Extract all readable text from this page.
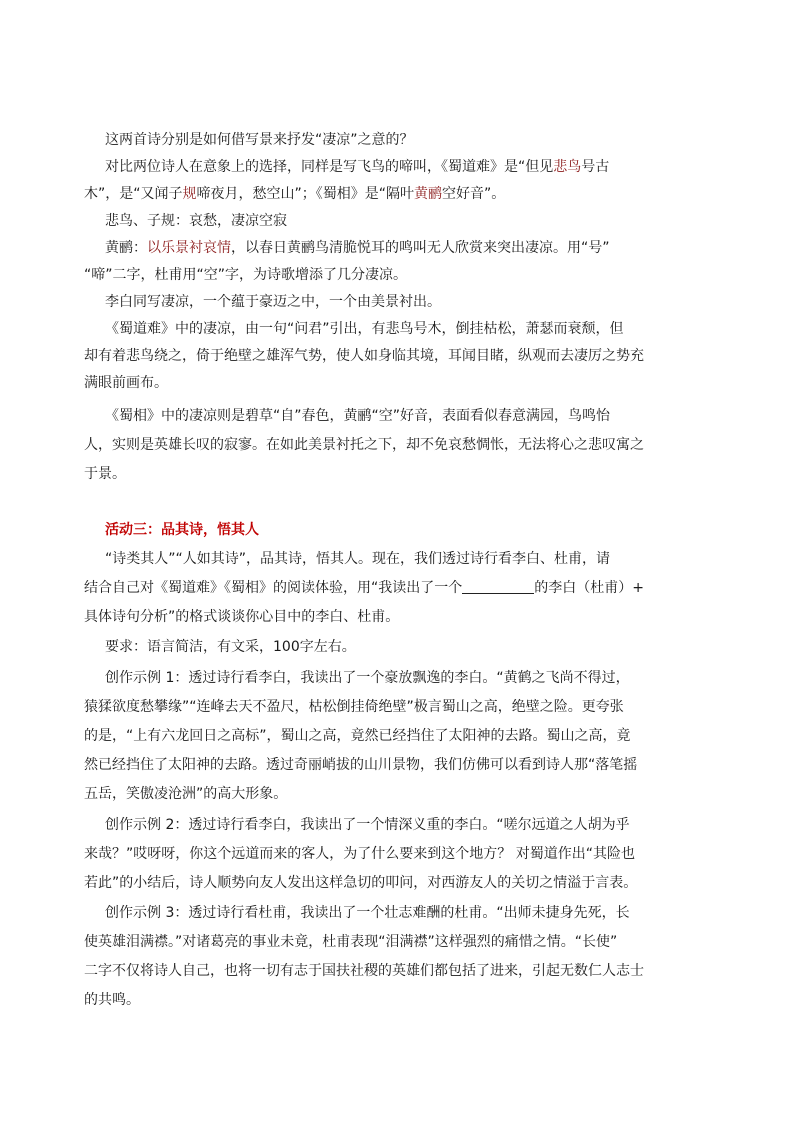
这两首诗分别是如何借写景来抒发“凄凉”之意的？

对比两位诗人在意象上的选择，同样是写飞鸟的啼叫，《蜀道难》是“但见悲鸟号古

木”，是“又闻子规啼夜月，愁空山”；《蜀相》是“隔叶黄鹂空好音”。

悲鸟、子规：哀愁，凄凉空寂

黄鹂：以乐景衬哀情，以春日黄鹂鸟清脆悦耳的鸣叫无人欣赏来突出凄凉。用“号”

“啼”二字，杜甫用“空”字，为诗歌增添了几分凄凉。

李白同写凄凉，一个蕴于豪迈之中，一个由美景衬出。

《蜀道难》中的凄凉，由一句“问君”引出，有悲鸟号木，倒挂枯松，萧瑟而衰颓，但

却有着悲鸟绕之，倚于绝壁之雄浑气势，使人如身临其境，耳闻目睹，纵观而去凄厉之势充

满眼前画布。

《蜀相》中的凄凉则是碧草“自”春色，黄鹂“空”好音，表面看似春意满园，鸟鸣怡

人，实则是英雄长叹的寂寥。在如此美景衬托之下，却不免哀愁惆怅，无法将心之悲叹寓之

于景。

活动三：品其诗，悟其人

“诗类其人”“人如其诗”，品其诗，悟其人。现在，我们透过诗行看李白、杜甫，请

结合自己对《蜀道难》《蜀相》的阅读体验，用“我读出了一个	的李白（杜甫）+

具体诗句分析”的格式谈谈你心目中的李白、杜甫。

要求：语言简洁，有文采，100字左右。

创作示例 1：透过诗行看李白，我读出了一个豪放飘逸的李白。“黄鹤之飞尚不得过，

猿猱欲度愁攀缘”“连峰去天不盈尺，枯松倒挂倚绝壁”极言蜀山之高，绝壁之险。更夸张

的是，“上有六龙回日之高标”，蜀山之高，竟然已经挡住了太阳神的去路。蜀山之高，竟

然已经挡住了太阳神的去路。透过奇丽峭拔的山川景物，我们仿佛可以看到诗人那“落笔摇

五岳，笑傲凌沧洲”的高大形象。

创作示例 2：透过诗行看李白，我读出了一个情深义重的李白。“嗟尔远道之人胡为乎

来哉？”哎呀呀，你这个远道而来的客人，为了什么要来到这个地方？ 对蜀道作出“其险也

若此”的小结后，诗人顺势向友人发出这样急切的叩问，对西游友人的关切之情溢于言表。

创作示例 3：透过诗行看杜甫，我读出了一个壮志难酬的杜甫。“出师未捷身先死，长

使英雄泪满襟。”对诸葛亮的事业未竟，杜甫表现“泪满襟”这样强烈的痛惜之情。“长使”

二字不仅将诗人自己，也将一切有志于国扶社稷的英雄们都包括了进来，引起无数仁人志士

的共鸣。
